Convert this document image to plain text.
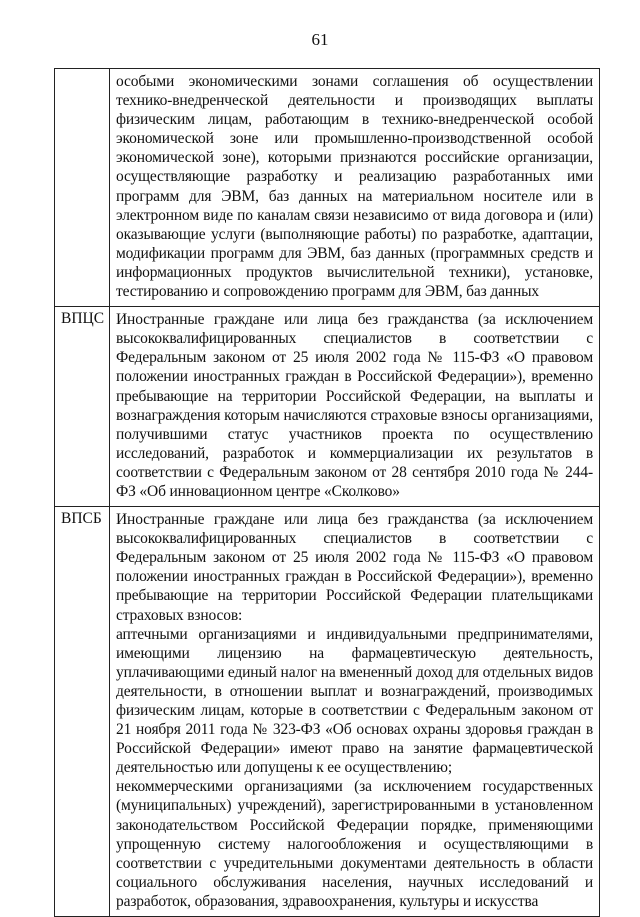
61

	особыми экономическими зонами соглашения об осуществлении технико-внедренческой деятельности и производящих выплаты физическим лицам, работающим в технико-внедренческой особой экономической зоне или промышленно-производственной особой экономической зоне), которыми признаются российские организации, осуществляющие разработку и реализацию разработанных ими программ для ЭВМ, баз данных на материальном носителе или в электронном виде по каналам связи независимо от вида договора и (или) оказывающие услуги (выполняющие работы) по разработке, адаптации, модификации программ для ЭВМ, баз данных (программных средств и информационных продуктов вычислительной техники), установке, тестированию и сопровождению программ для ЭВМ, баз данных

ВПЦС	Иностранные граждане или лица без гражданства (за исключением высококвалифицированных специалистов в соответствии с Федеральным законом от 25 июля 2002 года № 115-ФЗ «О правовом положении иностранных граждан в Российской Федерации»), временно пребывающие на территории Российской Федерации, на выплаты и вознаграждения которым начисляются страховые взносы организациями, получившими статус участников проекта по осуществлению исследований, разработок и коммерциализации их результатов в соответствии с Федеральным законом от 28 сентября 2010 года № 244-ФЗ «Об инновационном центре «Сколково»

ВПСБ	Иностранные граждане или лица без гражданства (за исключением высококвалифицированных специалистов в соответствии с Федеральным законом от 25 июля 2002 года № 115-ФЗ «О правовом положении иностранных граждан в Российской Федерации»), временно пребывающие на территории Российской Федерации плательщиками страховых взносов:
аптечными организациями и индивидуальными предпринимателями, имеющими лицензию на фармацевтическую деятельность, уплачивающими единый налог на вмененный доход для отдельных видов деятельности, в отношении выплат и вознаграждений, производимых физическим лицам, которые в соответствии с Федеральным законом от 21 ноября 2011 года № 323-ФЗ «Об основах охраны здоровья граждан в Российской Федерации» имеют право на занятие фармацевтической деятельностью или допущены к ее осуществлению;
некоммерческими организациями (за исключением государственных (муниципальных) учреждений), зарегистрированными в установленном законодательством Российской Федерации порядке, применяющими упрощенную систему налогообложения и осуществляющими в соответствии с учредительными документами деятельность в области социального обслуживания населения, научных исследований и разработок, образования, здравоохранения, культуры и искусства
